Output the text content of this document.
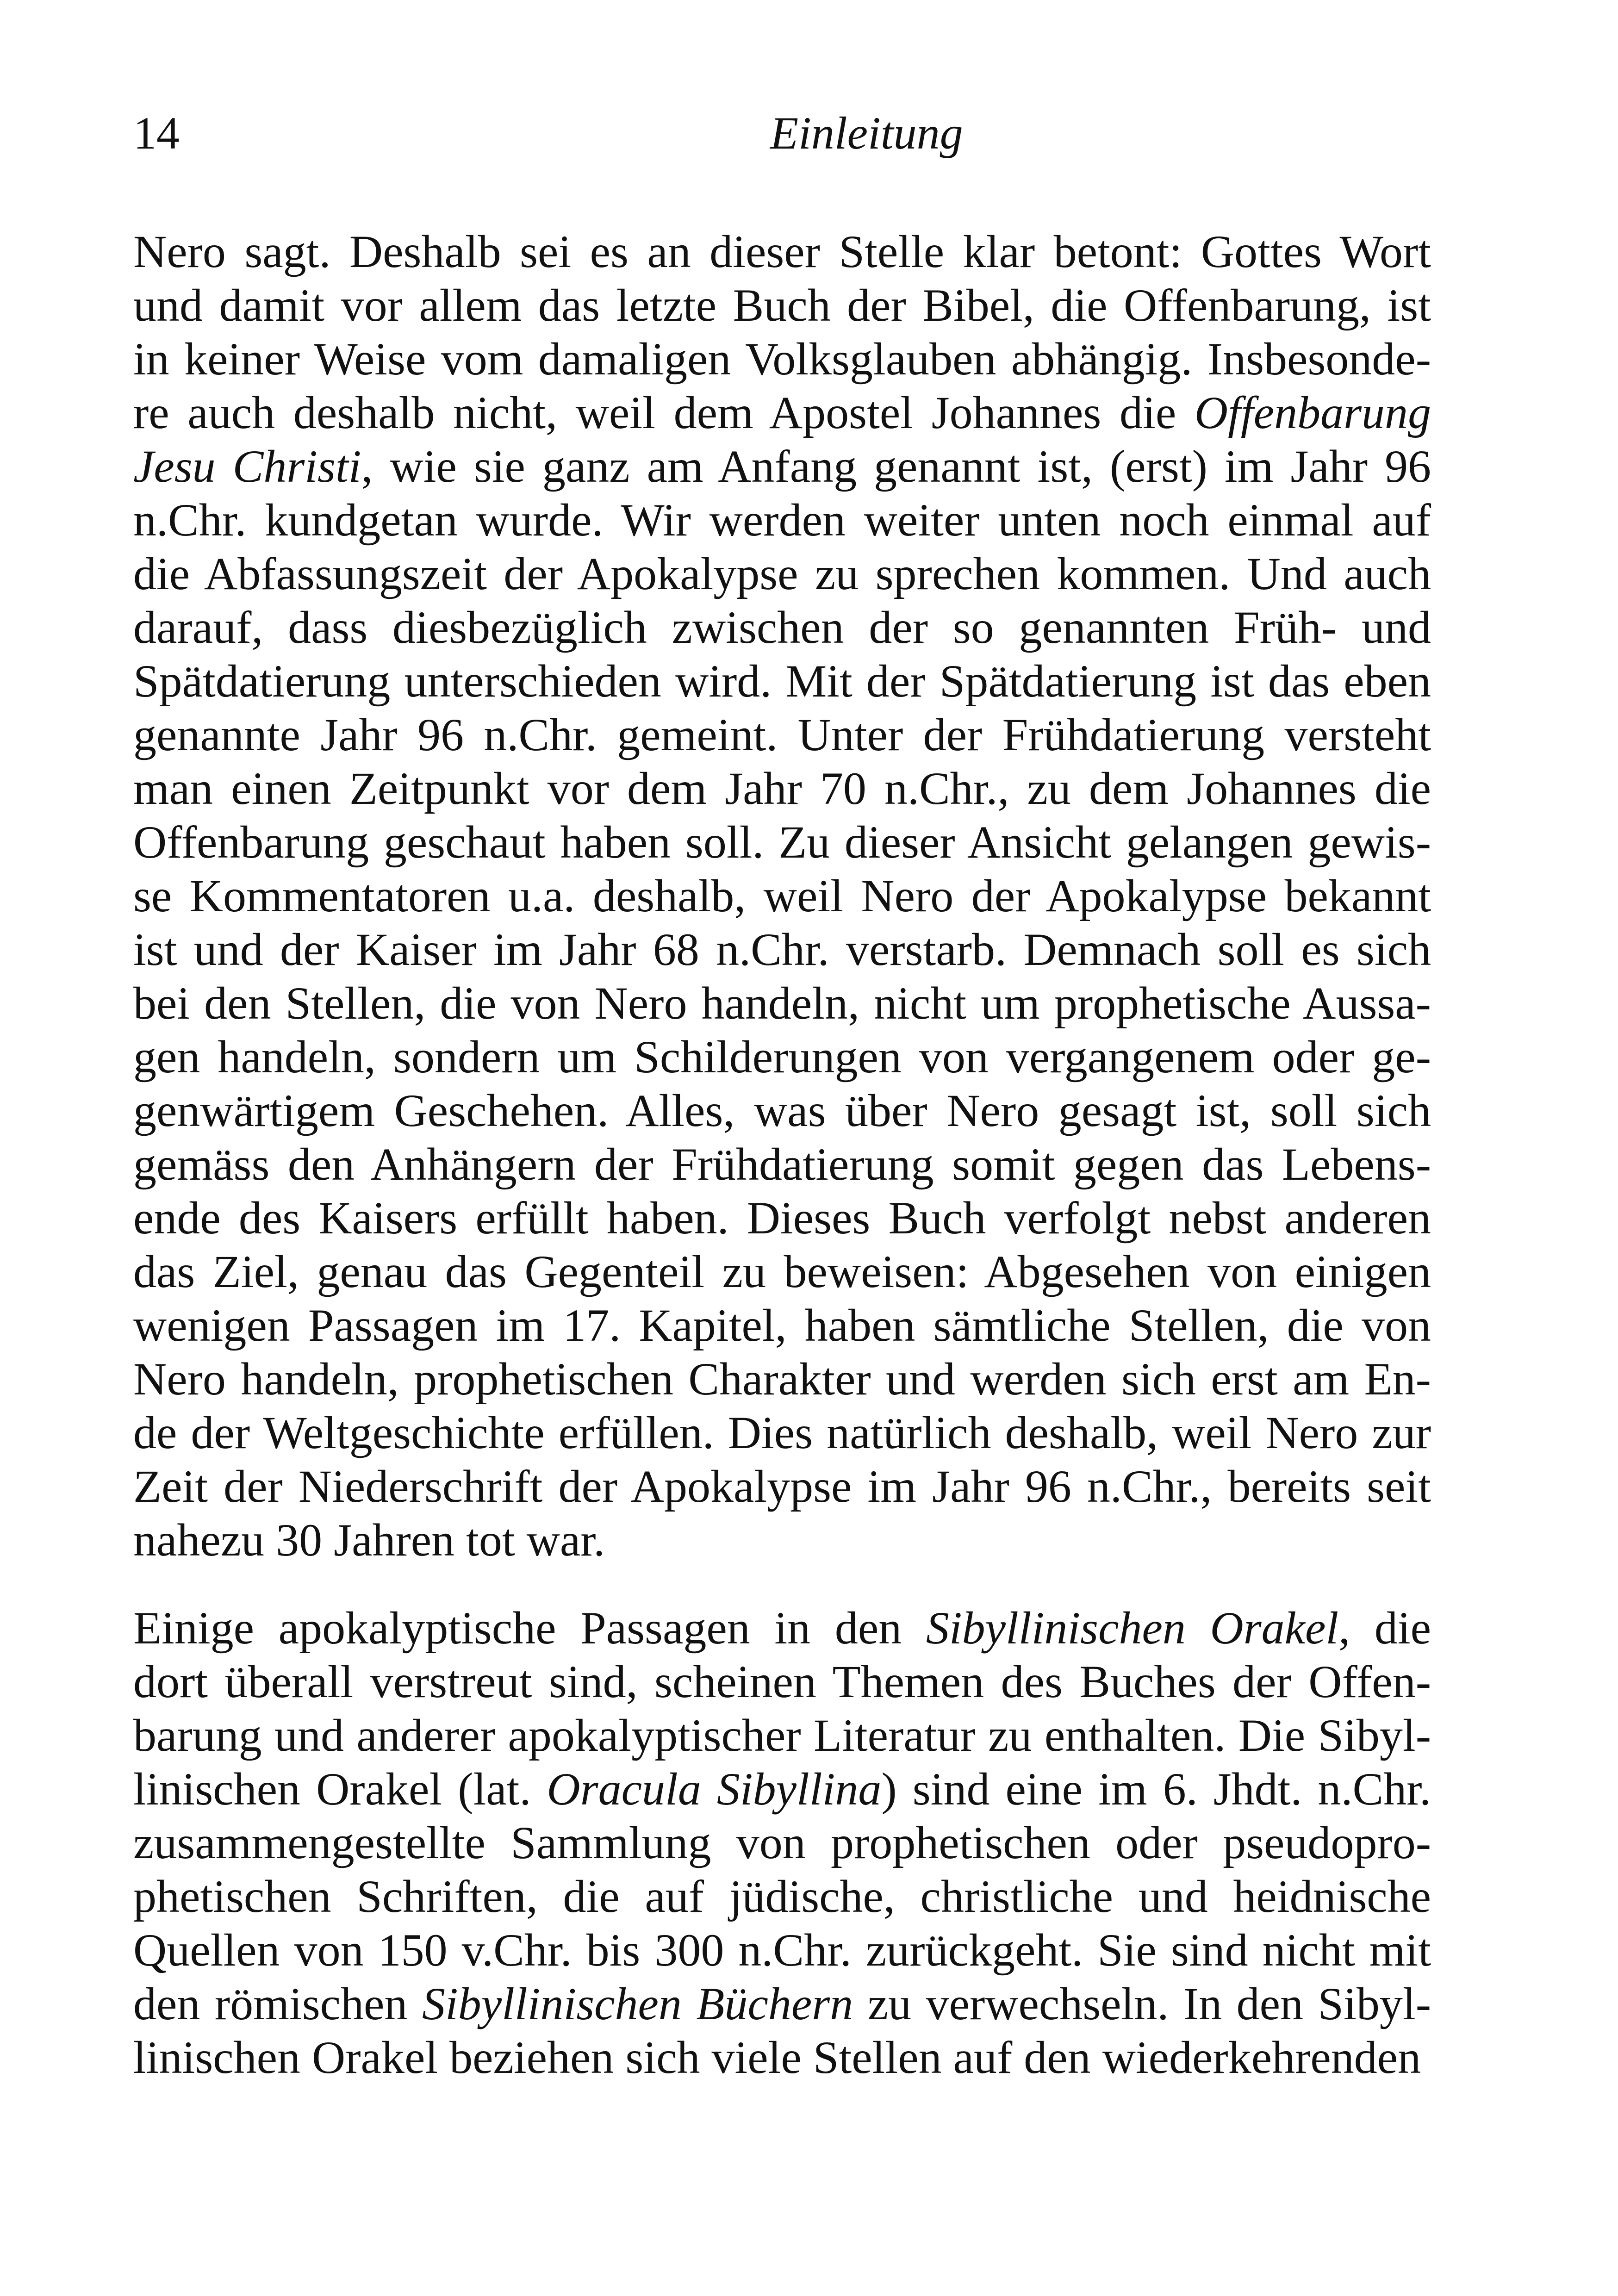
14	Einleitung
Nero sagt. Deshalb sei es an dieser Stelle klar betont: Gottes Wort
und damit vor allem das letzte Buch der Bibel, die Offenbarung, ist
in keiner Weise vom damaligen Volksglauben abhängig. Insbesonde-
re auch deshalb nicht, weil dem Apostel Johannes die Offenbarung
Jesu Christi, wie sie ganz am Anfang genannt ist, (erst) im Jahr 96
n.Chr. kundgetan wurde. Wir werden weiter unten noch einmal auf
die Abfassungszeit der Apokalypse zu sprechen kommen. Und auch
darauf, dass diesbezüglich zwischen der so genannten Früh- und
Spätdatierung unterschieden wird. Mit der Spätdatierung ist das eben
genannte Jahr 96 n.Chr. gemeint. Unter der Frühdatierung versteht
man einen Zeitpunkt vor dem Jahr 70 n.Chr., zu dem Johannes die
Offenbarung geschaut haben soll. Zu dieser Ansicht gelangen gewis-
se Kommentatoren u.a. deshalb, weil Nero der Apokalypse bekannt
ist und der Kaiser im Jahr 68 n.Chr. verstarb. Demnach soll es sich
bei den Stellen, die von Nero handeln, nicht um prophetische Aussa-
gen handeln, sondern um Schilderungen von vergangenem oder ge-
genwärtigem Geschehen. Alles, was über Nero gesagt ist, soll sich
gemäss den Anhängern der Frühdatierung somit gegen das Lebens-
ende des Kaisers erfüllt haben. Dieses Buch verfolgt nebst anderen
das Ziel, genau das Gegenteil zu beweisen: Abgesehen von einigen
wenigen Passagen im 17. Kapitel, haben sämtliche Stellen, die von
Nero handeln, prophetischen Charakter und werden sich erst am En-
de der Weltgeschichte erfüllen. Dies natürlich deshalb, weil Nero zur
Zeit der Niederschrift der Apokalypse im Jahr 96 n.Chr., bereits seit
nahezu 30 Jahren tot war.
Einige apokalyptische Passagen in den Sibyllinischen Orakel, die
dort überall verstreut sind, scheinen Themen des Buches der Offen-
barung und anderer apokalyptischer Literatur zu enthalten. Die Sibyl-
linischen Orakel (lat. Oracula Sibyllina) sind eine im 6. Jhdt. n.Chr.
zusammengestellte Sammlung von prophetischen oder pseudopro-
phetischen Schriften, die auf jüdische, christliche und heidnische
Quellen von 150 v.Chr. bis 300 n.Chr. zurückgeht. Sie sind nicht mit
den römischen Sibyllinischen Büchern zu verwechseln. In den Sibyl-
linischen Orakel beziehen sich viele Stellen auf den wiederkehrenden
